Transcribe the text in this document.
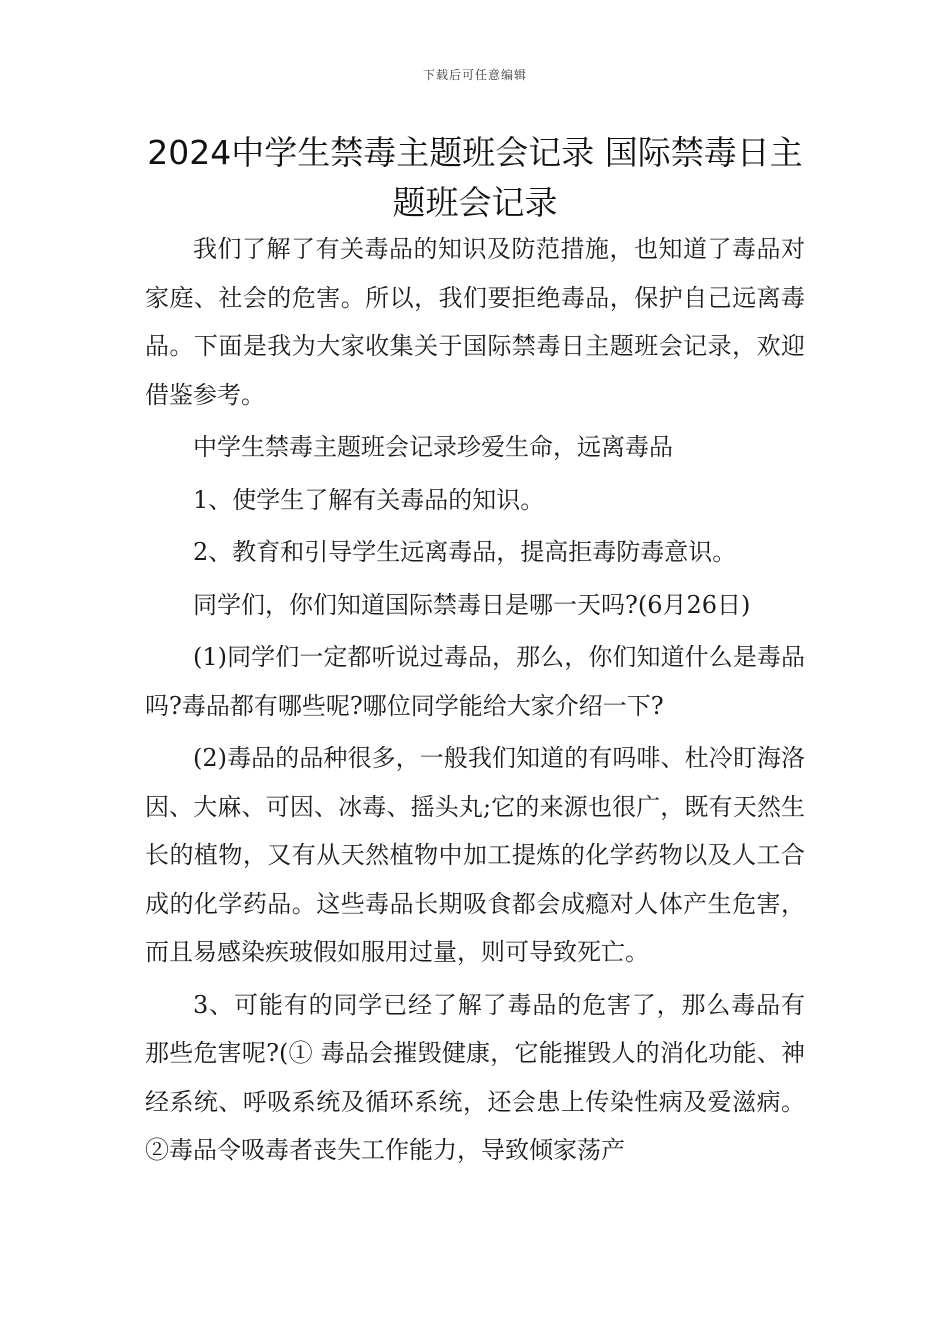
下载后可任意编辑
2024中学生禁毒主题班会记录 国际禁毒日主题班会记录

我们了解了有关毒品的知识及防范措施，也知道了毒品对家庭、社会的危害。所以，我们要拒绝毒品，保护自己远离毒品。下面是我为大家收集关于国际禁毒日主题班会记录，欢迎借鉴参考。

中学生禁毒主题班会记录珍爱生命，远离毒品

1、使学生了解有关毒品的知识。

2、教育和引导学生远离毒品，提高拒毒防毒意识。

同学们，你们知道国际禁毒日是哪一天吗?(6月26日)

(1)同学们一定都听说过毒品，那么，你们知道什么是毒品吗?毒品都有哪些呢?哪位同学能给大家介绍一下?

(2)毒品的品种很多，一般我们知道的有吗啡、杜冷盯海洛因、大麻、可因、冰毒、摇头丸;它的来源也很广，既有天然生长的植物，又有从天然植物中加工提炼的化学药物以及人工合成的化学药品。这些毒品长期吸食都会成瘾对人体产生危害，而且易感染疾玻假如服用过量，则可导致死亡。

3、可能有的同学已经了解了毒品的危害了，那么毒品有那些危害呢?(① 毒品会摧毁健康，它能摧毁人的消化功能、神经系统、呼吸系统及循环系统，还会患上传染性病及爱滋病。②毒品令吸毒者丧失工作能力，导致倾家荡产
